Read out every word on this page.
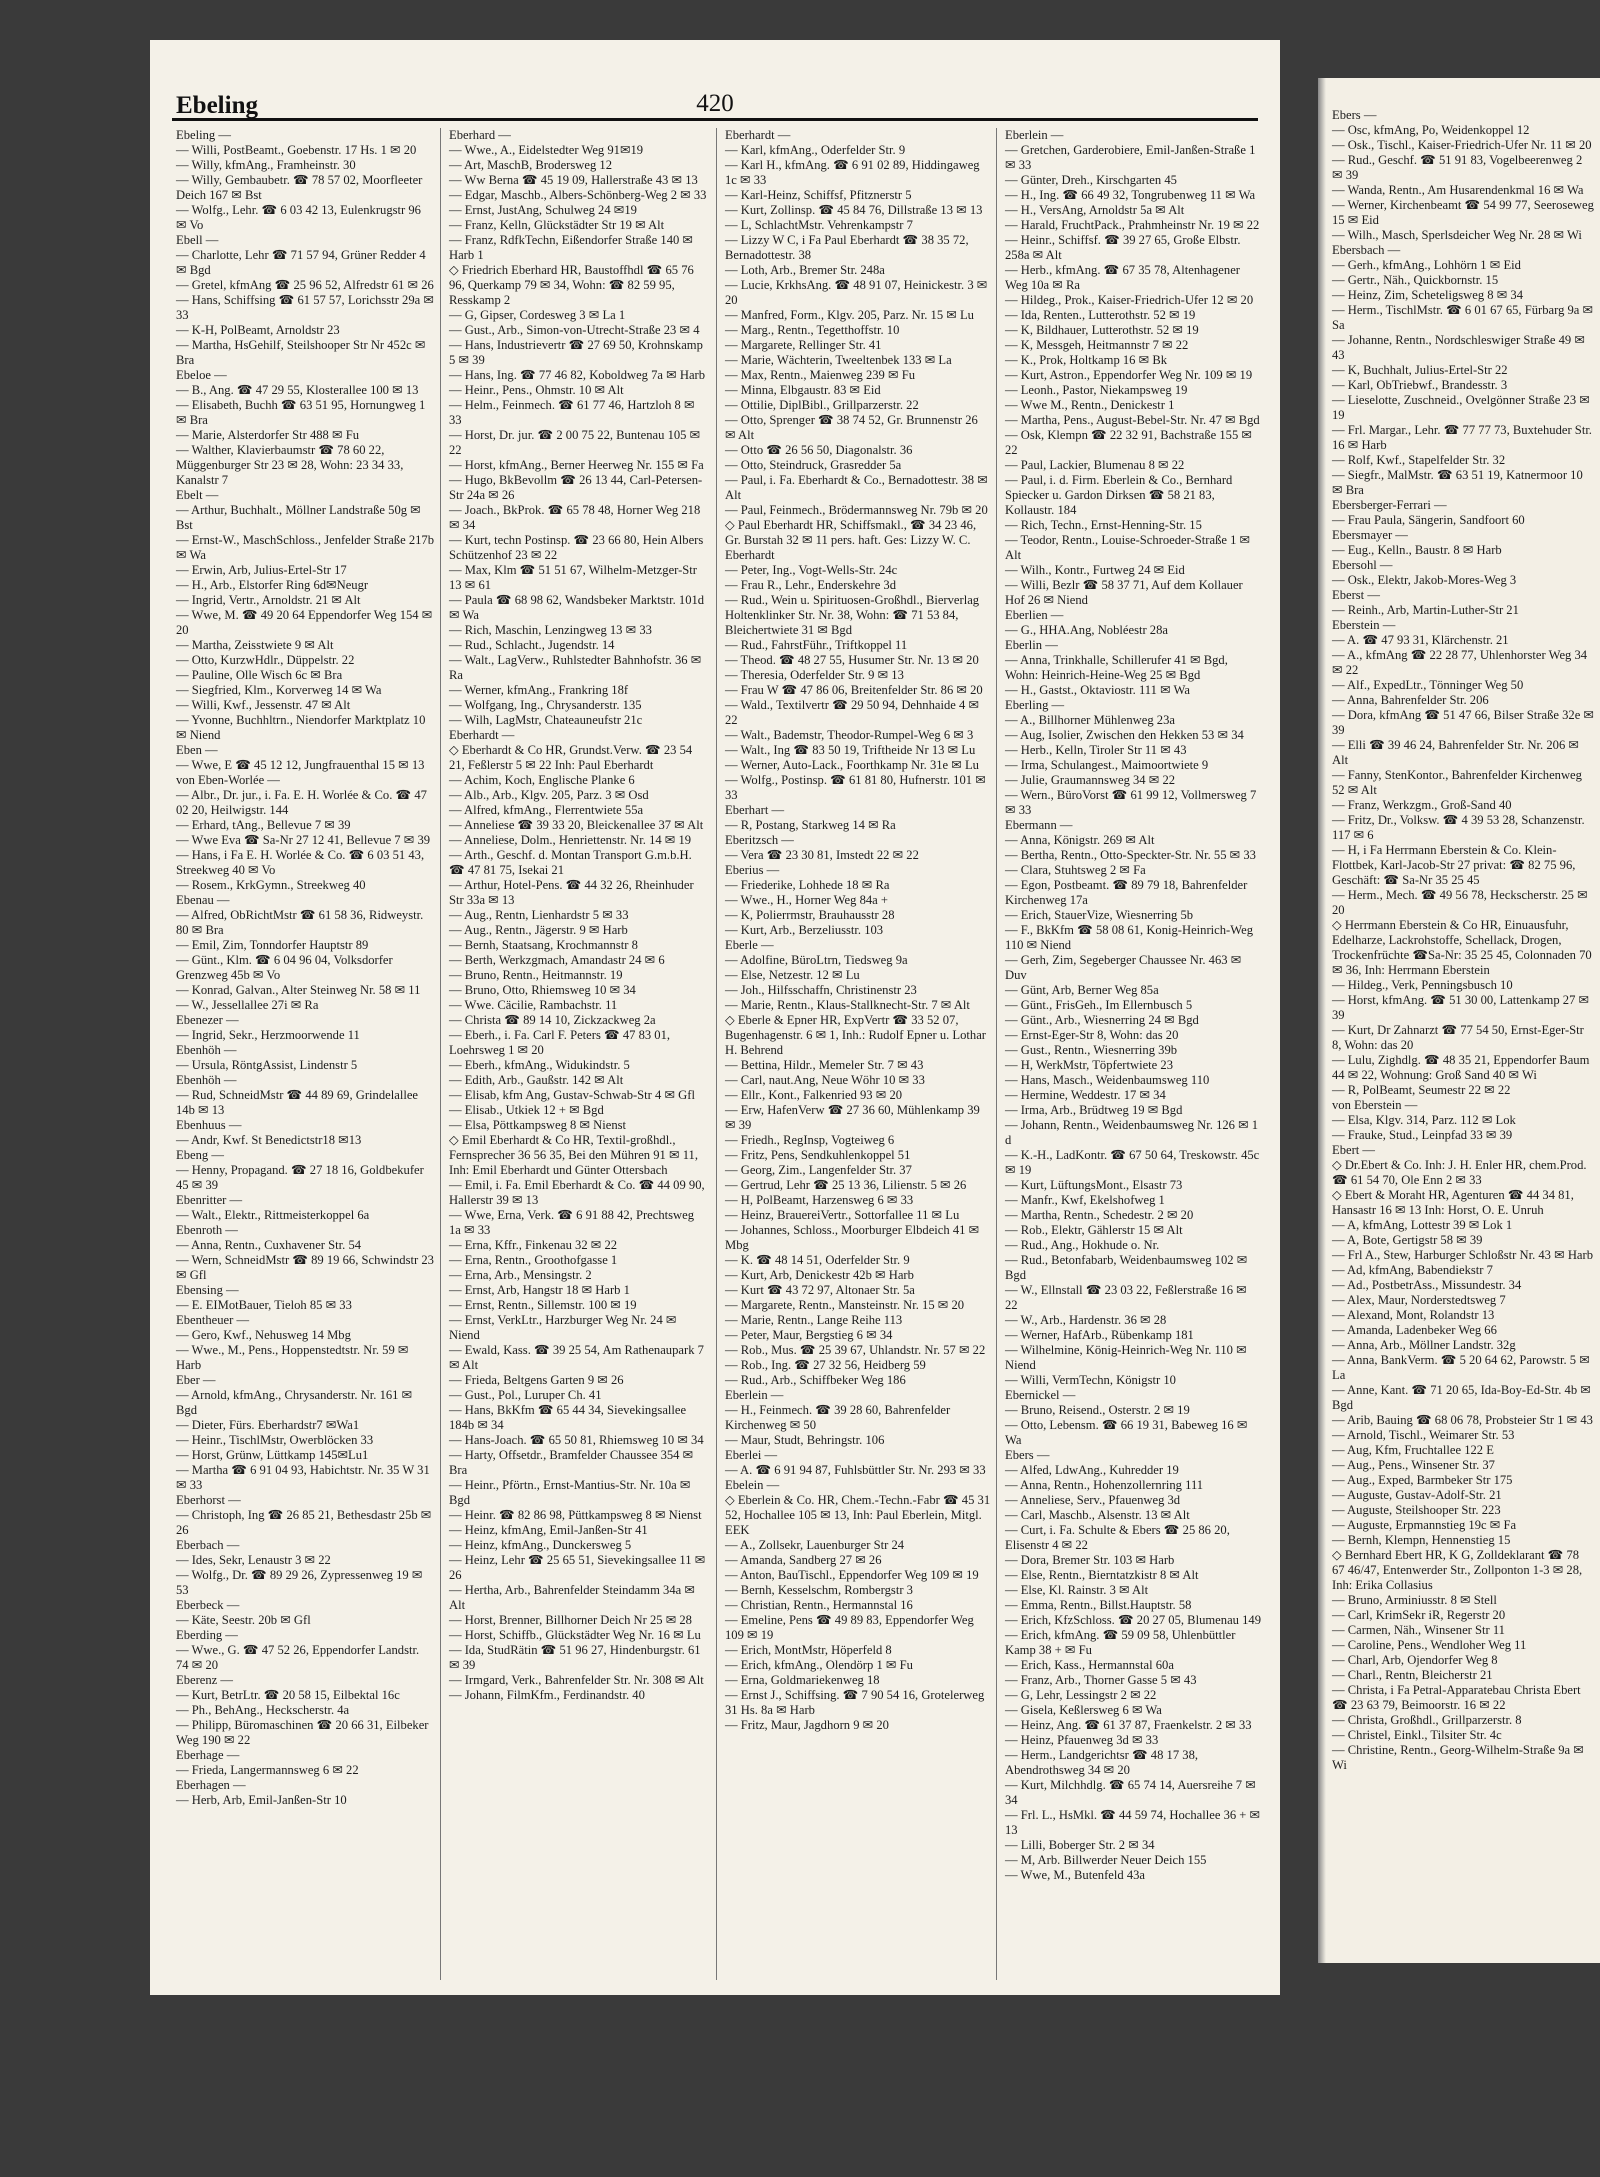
Ebeling	420

Ebeling —
— Willi, PostBeamt., Goebenstr. 17 Hs. 1 ✉ 20
— Willy, kfmAng., Framheinstr. 30
— Willy, Gembaubetr. ☎ 78 57 02, Moorfleeter Deich 167 ✉ Bst
— Wolfg., Lehr. ☎ 6 03 42 13, Eulenkrugstr 96 ✉ Vo
Ebell —
— Charlotte, Lehr ☎ 71 57 94, Grüner Redder 4 ✉ Bgd
— Gretel, kfmAng ☎ 25 96 52, Alfredstr 61 ✉ 26
— Hans, Schiffsing ☎ 61 57 57, Lorichsstr 29a ✉ 33
— K-H, PolBeamt, Arnoldstr 23
— Martha, HsGehilf, Steilshooper Str Nr 452c ✉ Bra
Ebeloe —
— B., Ang. ☎ 47 29 55, Klosterallee 100 ✉ 13
— Elisabeth, Buchh ☎ 63 51 95, Hornungweg 1 ✉ Bra
— Marie, Alsterdorfer Str 488 ✉ Fu
— Walther, Klavierbaumstr ☎ 78 60 22, Müggenburger Str 23 ✉ 28, Wohn: 23 34 33, Kanalstr 7
Ebelt —
— Arthur, Buchhalt., Möllner Landstraße 50g ✉ Bst
— Ernst-W., MaschSchloss., Jenfelder Straße 217b ✉ Wa
— Erwin, Arb, Julius-Ertel-Str 17
— H., Arb., Elstorfer Ring 6d✉Neugr
— Ingrid, Vertr., Arnoldstr. 21 ✉ Alt
— Wwe, M. ☎ 49 20 64 Eppendorfer Weg 154 ✉ 20
— Martha, Zeisstwiete 9 ✉ Alt
— Otto, KurzwHdlr., Düppelstr. 22
— Pauline, Olle Wisch 6c ✉ Bra
— Siegfried, Klm., Korverweg 14 ✉ Wa
— Willi, Kwf., Jessenstr. 47 ✉ Alt
— Yvonne, Buchhltrn., Niendorfer Marktplatz 10 ✉ Niend
Eben —
— Wwe, E ☎ 45 12 12, Jungfrauenthal 15 ✉ 13
von Eben-Worlée —
— Albr., Dr. jur., i. Fa. E. H. Worlée & Co. ☎ 47 02 20, Heilwigstr. 144
— Erhard, tAng., Bellevue 7 ✉ 39
— Wwe Eva ☎ Sa-Nr 27 12 41, Bellevue 7 ✉ 39
— Hans, i Fa E. H. Worlée & Co. ☎ 6 03 51 43, Streekweg 40 ✉ Vo
— Rosem., KrkGymn., Streekweg 40
Ebenau —
— Alfred, ObRichtMstr ☎ 61 58 36, Ridweystr. 80 ✉ Bra
— Emil, Zim, Tonndorfer Hauptstr 89
— Günt., Klm. ☎ 6 04 96 04, Volksdorfer Grenzweg 45b ✉ Vo
— Konrad, Galvan., Alter Steinweg Nr. 58 ✉ 11
— W., Jessellallee 27i ✉ Ra
Ebenezer —
— Ingrid, Sekr., Herzmoorwende 11
Ebenhöh —
— Ursula, RöntgAssist, Lindenstr 5
Ebenhöh —
— Rud, SchneidMstr ☎ 44 89 69, Grindelallee 14b ✉ 13
Ebenhuus —
— Andr, Kwf. St Benedictstr18 ✉13
Ebeng —
— Henny, Propagand. ☎ 27 18 16, Goldbekufer 45 ✉ 39
Ebenritter —
— Walt., Elektr., Rittmeisterkoppel 6a
Ebenroth —
— Anna, Rentn., Cuxhavener Str. 54
— Wern, SchneidMstr ☎ 89 19 66, Schwindstr 23 ✉ Gfl
Ebensing —
— E. EIMotBauer, Tieloh 85 ✉ 33
Ebentheuer —
— Gero, Kwf., Nehusweg 14 Mbg
— Wwe., M., Pens., Hoppenstedtstr. Nr. 59 ✉ Harb
Eber —
— Arnold, kfmAng., Chrysanderstr. Nr. 161 ✉ Bgd
— Dieter, Fürs. Eberhardstr7 ✉Wa1
— Heinr., TischlMstr, Owerblöcken 33
— Horst, Grünw, Lüttkamp 145✉Lu1
— Martha ☎ 6 91 04 93, Habichtstr. Nr. 35 W 31 ✉ 33
Eberhorst —
— Christoph, Ing ☎ 26 85 21, Bethesdastr 25b ✉ 26
Eberbach —
— Ides, Sekr, Lenaustr 3 ✉ 22
— Wolfg., Dr. ☎ 89 29 26, Zypressenweg 19 ✉ 53
Eberbeck —
— Käte, Seestr. 20b ✉ Gfl
Eberding —
— Wwe., G. ☎ 47 52 26, Eppendorfer Landstr. 74 ✉ 20
Eberenz —
— Kurt, BetrLtr. ☎ 20 58 15, Eilbektal 16c
— Ph., BehAng., Heckscherstr. 4a
— Philipp, Büromaschinen ☎ 20 66 31, Eilbeker Weg 190 ✉ 22
Eberhage —
— Frieda, Langermannsweg 6 ✉ 22
Eberhagen —
— Herb, Arb, Emil-Janßen-Str 10

Eberhard —
— Wwe., A., Eidelstedter Weg 91✉19
— Art, MaschB, Brodersweg 12
— Ww Berna ☎ 45 19 09, Hallerstraße 43 ✉ 13
— Edgar, Maschb., Albers-Schönberg-Weg 2 ✉ 33
— Ernst, JustAng, Schulweg 24 ✉19
— Franz, Kelln, Glückstädter Str 19 ✉ Alt
— Franz, RdfkTechn, Eißendorfer Straße 140 ✉ Harb 1
◇ Friedrich Eberhard HR, Baustoffhdl ☎ 65 76 96, Querkamp 79 ✉ 34, Wohn: ☎ 82 59 95, Resskamp 2
— G, Gipser, Cordesweg 3 ✉ La 1
— Gust., Arb., Simon-von-Utrecht-Straße 23 ✉ 4
— Hans, Industrievertr ☎ 27 69 50, Krohnskamp 5 ✉ 39
— Hans, Ing. ☎ 77 46 82, Koboldweg 7a ✉ Harb
— Heinr., Pens., Ohmstr. 10 ✉ Alt
— Helm., Feinmech. ☎ 61 77 46, Hartzloh 8 ✉ 33
— Horst, Dr. jur. ☎ 2 00 75 22, Buntenau 105 ✉ 22
— Horst, kfmAng., Berner Heerweg Nr. 155 ✉ Fa
— Hugo, BkBevollm ☎ 26 13 44, Carl-Petersen-Str 24a ✉ 26
— Joach., BkProk. ☎ 65 78 48, Horner Weg 218 ✉ 34
— Kurt, techn Postinsp. ☎ 23 66 80, Hein Albers Schützenhof 23 ✉ 22
— Max, Klm ☎ 51 51 67, Wilhelm-Metzger-Str 13 ✉ 61
— Paula ☎ 68 98 62, Wandsbeker Marktstr. 101d ✉ Wa
— Rich, Maschin, Lenzingweg 13 ✉ 33
— Rud., Schlacht., Jugendstr. 14
— Walt., LagVerw., Ruhlstedter Bahnhofstr. 36 ✉ Ra
— Werner, kfmAng., Frankring 18f
— Wolfgang, Ing., Chrysanderstr. 135
— Wilh, LagMstr, Chateauneufstr 21c
Eberhardt —
◇ Eberhardt & Co HR, Grundst.Verw. ☎ 23 54 21, Feßlerstr 5 ✉ 22 Inh: Paul Eberhardt
— Achim, Koch, Englische Planke 6
— Alb., Arb., Klgv. 205, Parz. 3 ✉ Osd
— Alfred, kfmAng., Flerrentwiete 55a
— Anneliese ☎ 39 33 20, Bleickenallee 37 ✉ Alt
— Anneliese, Dolm., Henriettenstr. Nr. 14 ✉ 19
— Arth., Geschf. d. Montan Transport G.m.b.H. ☎ 47 81 75, Isekai 21
— Arthur, Hotel-Pens. ☎ 44 32 26, Rheinhuder Str 33a ✉ 13
— Aug., Rentn, Lienhardstr 5 ✉ 33
— Aug., Rentn., Jägerstr. 9 ✉ Harb
— Bernh, Staatsang, Krochmannstr 8
— Berth, Werkzgmach, Amandastr 24 ✉ 6
— Bruno, Rentn., Heitmannstr. 19
— Bruno, Otto, Rhiemsweg 10 ✉ 34
— Wwe. Cäcilie, Rambachstr. 11
— Christa ☎ 89 14 10, Zickzackweg 2a
— Eberh., i. Fa. Carl F. Peters ☎ 47 83 01, Loehrsweg 1 ✉ 20
— Eberh., kfmAng., Widukindstr. 5
— Edith, Arb., Gaußstr. 142 ✉ Alt
— Elisab, kfm Ang, Gustav-Schwab-Str 4 ✉ Gfl
— Elisab., Utkiek 12 + ✉ Bgd
— Elsa, Pöttkampsweg 8 ✉ Nienst
◇ Emil Eberhardt & Co HR, Textil-großhdl., Fernsprecher 36 56 35, Bei den Mühren 91 ✉ 11, Inh: Emil Eberhardt und Günter Ottersbach
— Emil, i. Fa. Emil Eberhardt & Co. ☎ 44 09 90, Hallerstr 39 ✉ 13
— Wwe, Erna, Verk. ☎ 6 91 88 42, Prechtsweg 1a ✉ 33
— Erna, Kffr., Finkenau 32 ✉ 22
— Erna, Rentn., Groothofgasse 1
— Erna, Arb., Mensingstr. 2
— Ernst, Arb, Hangstr 18 ✉ Harb 1
— Ernst, Rentn., Sillemstr. 100 ✉ 19
— Ernst, VerkLtr., Harzburger Weg Nr. 24 ✉ Niend
— Ewald, Kass. ☎ 39 25 54, Am Rathenaupark 7 ✉ Alt
— Frieda, Beltgens Garten 9 ✉ 26
— Gust., Pol., Luruper Ch. 41
— Hans, BkKfm ☎ 65 44 34, Sievekingsallee 184b ✉ 34
— Hans-Joach. ☎ 65 50 81, Rhiemsweg 10 ✉ 34
— Harty, Offsetdr., Bramfelder Chaussee 354 ✉ Bra
— Heinr., Pförtn., Ernst-Mantius-Str. Nr. 10a ✉ Bgd
— Heinr. ☎ 82 86 98, Püttkampsweg 8 ✉ Nienst
— Heinz, kfmAng, Emil-Janßen-Str 41
— Heinz, kfmAng., Dunckersweg 5
— Heinz, Lehr ☎ 25 65 51, Sievekingsallee 11 ✉ 26
— Hertha, Arb., Bahrenfelder Steindamm 34a ✉ Alt
— Horst, Brenner, Billhorner Deich Nr 25 ✉ 28
— Horst, Schiffb., Glückstädter Weg Nr. 16 ✉ Lu
— Ida, StudRätin ☎ 51 96 27, Hindenburgstr. 61 ✉ 39
— Irmgard, Verk., Bahrenfelder Str. Nr. 308 ✉ Alt
— Johann, FilmKfm., Ferdinandstr. 40

Eberhardt —
— Karl, kfmAng., Oderfelder Str. 9
— Karl H., kfmAng. ☎ 6 91 02 89, Hiddingaweg 1c ✉ 33
— Karl-Heinz, Schiffsf, Pfitznerstr 5
— Kurt, Zollinsp. ☎ 45 84 76, Dillstraße 13 ✉ 13
— L, SchlachtMstr. Vehrenkampstr 7
— Lizzy W C, i Fa Paul Eberhardt ☎ 38 35 72, Bernadottestr. 38
— Loth, Arb., Bremer Str. 248a
— Lucie, KrkhsAng. ☎ 48 91 07, Heinickestr. 3 ✉ 20
— Manfred, Form., Klgv. 205, Parz. Nr. 15 ✉ Lu
— Marg., Rentn., Tegetthoffstr. 10
— Margarete, Rellinger Str. 41
— Marie, Wächterin, Tweeltenbek 133 ✉ La
— Max, Rentn., Maienweg 239 ✉ Fu
— Minna, Elbgaustr. 83 ✉ Eid
— Ottilie, DiplBibl., Grillparzerstr. 22
— Otto, Sprenger ☎ 38 74 52, Gr. Brunnenstr 26 ✉ Alt
— Otto ☎ 26 56 50, Diagonalstr. 36
— Otto, Steindruck, Grasredder 5a
— Paul, i. Fa. Eberhardt & Co., Bernadottestr. 38 ✉ Alt
— Paul, Feinmech., Brödermannsweg Nr. 79b ✉ 20
◇ Paul Eberhardt HR, Schiffsmakl., ☎ 34 23 46, Gr. Burstah 32 ✉ 11 pers. haft. Ges: Lizzy W. C. Eberhardt
— Peter, Ing., Vogt-Wells-Str. 24c
— Frau R., Lehr., Enderskehre 3d
— Rud., Wein u. Spirituosen-Großhdl., Bierverlag Holtenklinker Str. Nr. 38, Wohn: ☎ 71 53 84, Bleichertwiete 31 ✉ Bgd
— Rud., FahrstFühr., Triftkoppel 11
— Theod. ☎ 48 27 55, Husumer Str. Nr. 13 ✉ 20
— Theresia, Oderfelder Str. 9 ✉ 13
— Frau W ☎ 47 86 06, Breitenfelder Str. 86 ✉ 20
— Wald., Textilvertr ☎ 29 50 94, Dehnhaide 4 ✉ 22
— Walt., Bademstr, Theodor-Rumpel-Weg 6 ✉ 3
— Walt., Ing ☎ 83 50 19, Triftheide Nr 13 ✉ Lu
— Werner, Auto-Lack., Foorthkamp Nr. 31e ✉ Lu
— Wolfg., Postinsp. ☎ 61 81 80, Hufnerstr. 101 ✉ 33
Eberhart —
— R, Postang, Starkweg 14 ✉ Ra
Eberitzsch —
— Vera ☎ 23 30 81, Imstedt 22 ✉ 22
Eberius —
— Friederike, Lohhede 18 ✉ Ra
— Wwe., H., Horner Weg 84a +
— K, Polierrmstr, Brauhausstr 28
— Kurt, Arb., Berzeliusstr. 103
Eberle —
— Adolfine, BüroLtrn, Tiedsweg 9a
— Else, Netzestr. 12 ✉ Lu
— Joh., Hilfsschaffn, Christinenstr 23
— Marie, Rentn., Klaus-Stallknecht-Str. 7 ✉ Alt
◇ Eberle & Epner HR, ExpVertr ☎ 33 52 07, Bugenhagenstr. 6 ✉ 1, Inh.: Rudolf Epner u. Lothar H. Behrend
— Bettina, Hildr., Memeler Str. 7 ✉ 43
— Carl, naut.Ang, Neue Wöhr 10 ✉ 33
— Ellr., Kont., Falkenried 93 ✉ 20
— Erw, HafenVerw ☎ 27 36 60, Mühlenkamp 39 ✉ 39
— Friedh., RegInsp, Vogteiweg 6
— Fritz, Pens, Sendkuhlenkoppel 51
— Georg, Zim., Langenfelder Str. 37
— Gertrud, Lehr ☎ 25 13 36, Lilienstr. 5 ✉ 26
— H, PolBeamt, Harzensweg 6 ✉ 33
— Heinz, BrauereiVertr., Sottorfallee 11 ✉ Lu
— Johannes, Schloss., Moorburger Elbdeich 41 ✉ Mbg
— K. ☎ 48 14 51, Oderfelder Str. 9
— Kurt, Arb, Denickestr 42b ✉ Harb
— Kurt ☎ 43 72 97, Altonaer Str. 5a
— Margarete, Rentn., Mansteinstr. Nr. 15 ✉ 20
— Marie, Rentn., Lange Reihe 113
— Peter, Maur, Bergstieg 6 ✉ 34
— Rob., Mus. ☎ 25 39 67, Uhlandstr. Nr. 57 ✉ 22
— Rob., Ing. ☎ 27 32 56, Heidberg 59
— Rud., Arb., Schiffbeker Weg 186
Eberlein —
— H., Feinmech. ☎ 39 28 60, Bahrenfelder Kirchenweg ✉ 50
— Maur, Studt, Behringstr. 106
Eberlei —
— A. ☎ 6 91 94 87, Fuhlsbüttler Str. Nr. 293 ✉ 33
Ebelein —
◇ Eberlein & Co. HR, Chem.-Techn.-Fabr ☎ 45 31 52, Hochallee 105 ✉ 13, Inh: Paul Eberlein, Mitgl. EEK
— A., Zollsekr, Lauenburger Str 24
— Amanda, Sandberg 27 ✉ 26
— Anton, BauTischl., Eppendorfer Weg 109 ✉ 19
— Bernh, Kesselschm, Rombergstr 3
— Christian, Rentn., Hermannstal 16
— Emeline, Pens ☎ 49 89 83, Eppendorfer Weg 109 ✉ 19
— Erich, MontMstr, Höperfeld 8
— Erich, kfmAng., Olendörp 1 ✉ Fu
— Erna, Goldmariekenweg 18
— Ernst J., Schiffsing. ☎ 7 90 54 16, Grotelerweg 31 Hs. 8a ✉ Harb
— Fritz, Maur, Jagdhorn 9 ✉ 20

Eberlein —
— Gretchen, Garderobiere, Emil-Janßen-Straße 1 ✉ 33
— Günter, Dreh., Kirschgarten 45
— H., Ing. ☎ 66 49 32, Tongrubenweg 11 ✉ Wa
— H., VersAng, Arnoldstr 5a ✉ Alt
— Harald, FruchtPack., Prahmheinstr Nr. 19 ✉ 22
— Heinr., Schiffsf. ☎ 39 27 65, Große Elbstr. 258a ✉ Alt
— Herb., kfmAng. ☎ 67 35 78, Altenhagener Weg 10a ✉ Ra
— Hildeg., Prok., Kaiser-Friedrich-Ufer 12 ✉ 20
— Ida, Renten., Lutterothstr. 52 ✉ 19
— K, Bildhauer, Lutterothstr. 52 ✉ 19
— K, Messgeh, Heitmannstr 7 ✉ 22
— K., Prok, Holtkamp 16 ✉ Bk
— Kurt, Astron., Eppendorfer Weg Nr. 109 ✉ 19
— Leonh., Pastor, Niekampsweg 19
— Wwe M., Rentn., Denickestr 1
— Martha, Pens., August-Bebel-Str. Nr. 47 ✉ Bgd
— Osk, Klempn ☎ 22 32 91, Bachstraße 155 ✉ 22
— Paul, Lackier, Blumenau 8 ✉ 22
— Paul, i. d. Firm. Eberlein & Co., Bernhard Spiecker u. Gardon Dirksen ☎ 58 21 83, Kollaustr. 184
— Rich, Techn., Ernst-Henning-Str. 15
— Teodor, Rentn., Louise-Schroeder-Straße 1 ✉ Alt
— Wilh., Kontr., Furtweg 24 ✉ Eid
— Willi, Bezlr ☎ 58 37 71, Auf dem Kollauer Hof 26 ✉ Niend
Eberlien —
— G., HHA.Ang, Nobléestr 28a
Eberlin —
— Anna, Trinkhalle, Schillerufer 41 ✉ Bgd, Wohn: Heinrich-Heine-Weg 25 ✉ Bgd
— H., Gastst., Oktaviostr. 111 ✉ Wa
Eberling —
— A., Billhorner Mühlenweg 23a
— Aug, Isolier, Zwischen den Hekken 53 ✉ 34
— Herb., Kelln, Tiroler Str 11 ✉ 43
— Irma, Schulangest., Maimoortwiete 9
— Julie, Graumannsweg 34 ✉ 22
— Wern., BüroVorst ☎ 61 99 12, Vollmersweg 7 ✉ 33
Ebermann —
— Anna, Königstr. 269 ✉ Alt
— Bertha, Rentn., Otto-Speckter-Str. Nr. 55 ✉ 33
— Clara, Stuhtsweg 2 ✉ Fa
— Egon, Postbeamt. ☎ 89 79 18, Bahrenfelder Kirchenweg 17a
— Erich, StauerVize, Wiesnerring 5b
— F., BkKfm ☎ 58 08 61, Konig-Heinrich-Weg 110 ✉ Niend
— Gerh, Zim, Segeberger Chaussee Nr. 463 ✉ Duv
— Günt, Arb, Berner Weg 85a
— Günt., FrisGeh., Im Ellernbusch 5
— Günt., Arb., Wiesnerring 24 ✉ Bgd
— Ernst-Eger-Str 8, Wohn: das 20
— Gust., Rentn., Wiesnerring 39b
— H, WerkMstr, Töpfertwiete 23
— Hans, Masch., Weidenbaumsweg 110
— Hermine, Weddestr. 17 ✉ 34
— Irma, Arb., Brüdtweg 19 ✉ Bgd
— Johann, Rentn., Weidenbaumsweg Nr. 126 ✉ 1 d
— K.-H., LadKontr. ☎ 67 50 64, Treskowstr. 45c ✉ 19
— Kurt, LüftungsMont., Elsastr 73
— Manfr., Kwf, Ekelshofweg 1
— Martha, Rentn., Schedestr. 2 ✉ 20
— Rob., Elektr, Gählerstr 15 ✉ Alt
— Rud., Ang., Hokhude o. Nr.
— Rud., Betonfabarb, Weidenbaumsweg 102 ✉ Bgd
— W., Ellnstall ☎ 23 03 22, Feßlerstraße 16 ✉ 22
— W., Arb., Hardenstr. 36 ✉ 28
— Werner, HafArb., Rübenkamp 181
— Wilhelmine, König-Heinrich-Weg Nr. 110 ✉ Niend
— Willi, VermTechn, Königstr 10
Ebernickel —
— Bruno, Reisend., Osterstr. 2 ✉ 19
— Otto, Lebensm. ☎ 66 19 31, Babeweg 16 ✉ Wa
Ebers —
— Alfed, LdwAng., Kuhredder 19
— Anna, Rentn., Hohenzollernring 111
— Anneliese, Serv., Pfauenweg 3d
— Carl, Maschb., Alsenstr. 13 ✉ Alt
— Curt, i. Fa. Schulte & Ebers ☎ 25 86 20, Elisenstr 4 ✉ 22
— Dora, Bremer Str. 103 ✉ Harb
— Else, Rentn., Bierntatzkistr 8 ✉ Alt
— Else, Kl. Rainstr. 3 ✉ Alt
— Emma, Rentn., Billst.Hauptstr. 58
— Erich, KfzSchloss. ☎ 20 27 05, Blumenau 149
— Erich, kfmAng. ☎ 59 09 58, Uhlenbüttler Kamp 38 + ✉ Fu
— Erich, Kass., Hermannstal 60a
— Franz, Arb., Thorner Gasse 5 ✉ 43
— G, Lehr, Lessingstr 2 ✉ 22
— Gisela, Keßlersweg 6 ✉ Wa
— Heinz, Ang. ☎ 61 37 87, Fraenkelstr. 2 ✉ 33
— Heinz, Pfauenweg 3d ✉ 33
— Herm., Landgerichtsr ☎ 48 17 38, Abendrothsweg 34 ✉ 20
— Kurt, Milchhdlg. ☎ 65 74 14, Auersreihe 7 ✉ 34
— Frl. L., HsMkl. ☎ 44 59 74, Hochallee 36 + ✉ 13
— Lilli, Boberger Str. 2 ✉ 34
— M, Arb. Billwerder Neuer Deich 155
— Wwe, M., Butenfeld 43a

Ebers —
— Osc, kfmAng, Po, Weidenkoppel 12
— Osk., Tischl., Kaiser-Friedrich-Ufer Nr. 11 ✉ 20
— Rud., Geschf. ☎ 51 91 83, Vogelbeerenweg 2 ✉ 39
— Wanda, Rentn., Am Husarendenkmal 16 ✉ Wa
— Werner, Kirchenbeamt ☎ 54 99 77, Seeroseweg 15 ✉ Eid
— Wilh., Masch, Sperlsdeicher Weg Nr. 28 ✉ Wi
Ebersbach —
— Gerh., kfmAng., Lohhörn 1 ✉ Eid
— Gertr., Näh., Quickbornstr. 15
— Heinz, Zim, Scheteligsweg 8 ✉ 34
— Herm., TischlMstr. ☎ 6 01 67 65, Fürbarg 9a ✉ Sa
— Johanne, Rentn., Nordschleswiger Straße 49 ✉ 43
— K, Buchhalt, Julius-Ertel-Str 22
— Karl, ObTriebwf., Brandesstr. 3
— Lieselotte, Zuschneid., Ovelgönner Straße 23 ✉ 19
— Frl. Margar., Lehr. ☎ 77 77 73, Buxtehuder Str. 16 ✉ Harb
— Rolf, Kwf., Stapelfelder Str. 32
— Siegfr., MalMstr. ☎ 63 51 19, Katnermoor 10 ✉ Bra
Ebersberger-Ferrari —
— Frau Paula, Sängerin, Sandfoort 60
Ebersmayer —
— Eug., Kelln., Baustr. 8 ✉ Harb
Ebersohl —
— Osk., Elektr, Jakob-Mores-Weg 3
Eberst —
— Reinh., Arb, Martin-Luther-Str 21
Eberstein —
— A. ☎ 47 93 31, Klärchenstr. 21
— A., kfmAng ☎ 22 28 77, Uhlenhorster Weg 34 ✉ 22
— Alf., ExpedLtr., Tönninger Weg 50
— Anna, Bahrenfelder Str. 206
— Dora, kfmAng ☎ 51 47 66, Bilser Straße 32e ✉ 39
— Elli ☎ 39 46 24, Bahrenfelder Str. Nr. 206 ✉ Alt
— Fanny, StenKontor., Bahrenfelder Kirchenweg 52 ✉ Alt
— Franz, Werkzgm., Groß-Sand 40
— Fritz, Dr., Volksw. ☎ 4 39 53 28, Schanzenstr. 117 ✉ 6
— H, i Fa Herrmann Eberstein & Co. Klein-Flottbek, Karl-Jacob-Str 27 privat: ☎ 82 75 96, Geschäft: ☎ Sa-Nr 35 25 45
— Herm., Mech. ☎ 49 56 78, Heckscherstr. 25 ✉ 20
◇ Herrmann Eberstein & Co HR, Einuausfuhr, Edelharze, Lackrohstoffe, Schellack, Drogen, Trockenfrüchte ☎Sa-Nr: 35 25 45, Colonnaden 70 ✉ 36, Inh: Herrmann Eberstein
— Hildeg., Verk, Penningsbusch 10
— Horst, kfmAng. ☎ 51 30 00, Lattenkamp 27 ✉ 39
— Kurt, Dr Zahnarzt ☎ 77 54 50, Ernst-Eger-Str 8, Wohn: das 20
— Lulu, Zighdlg. ☎ 48 35 21, Eppendorfer Baum 44 ✉ 22, Wohnung: Groß Sand 40 ✉ Wi
— R, PolBeamt, Seumestr 22 ✉ 22
von Eberstein —
— Elsa, Klgv. 314, Parz. 112 ✉ Lok
— Frauke, Stud., Leinpfad 33 ✉ 39
Ebert —
◇ Dr.Ebert & Co. Inh: J. H. Enler HR, chem.Prod. ☎ 61 54 70, Ole Enn 2 ✉ 33
◇ Ebert & Moraht HR, Agenturen ☎ 44 34 81, Hansastr 16 ✉ 13 Inh: Horst, O. E. Unruh
— A, kfmAng, Lottestr 39 ✉ Lok 1
— A, Bote, Gertigstr 58 ✉ 39
— Frl A., Stew, Harburger Schloßstr Nr. 43 ✉ Harb
— Ad, kfmAng, Babendiekstr 7
— Ad., PostbetrAss., Missundestr. 34
— Alex, Maur, Norderstedtsweg 7
— Alexand, Mont, Rolandstr 13
— Amanda, Ladenbeker Weg 66
— Anna, Arb., Möllner Landstr. 32g
— Anna, BankVerm. ☎ 5 20 64 62, Parowstr. 5 ✉ La
— Anne, Kant. ☎ 71 20 65, Ida-Boy-Ed-Str. 4b ✉ Bgd
— Arib, Bauing ☎ 68 06 78, Probsteier Str 1 ✉ 43
— Arnold, Tischl., Weimarer Str. 53
— Aug, Kfm, Fruchtallee 122 E
— Aug., Pens., Winsener Str. 37
— Aug., Exped, Barmbeker Str 175
— Auguste, Gustav-Adolf-Str. 21
— Auguste, Steilshooper Str. 223
— Auguste, Erpmannstieg 19c ✉ Fa
— Bernh, Klempn, Hennenstieg 15
◇ Bernhard Ebert HR, K G, Zolldeklarant ☎ 78 67 46/47, Entenwerder Str., Zollponton 1-3 ✉ 28, Inh: Erika Collasius
— Bruno, Arminiusstr. 8 ✉ Stell
— Carl, KrimSekr iR, Regerstr 20
— Carmen, Näh., Winsener Str 11
— Caroline, Pens., Wendloher Weg 11
— Charl, Arb, Ojendorfer Weg 8
— Charl., Rentn, Bleicherstr 21
— Christa, i Fa Petral-Apparatebau Christa Ebert ☎ 23 63 79, Beimoorstr. 16 ✉ 22
— Christa, Großhdl., Grillparzerstr. 8
— Christel, Einkl., Tilsiter Str. 4c
— Christine, Rentn., Georg-Wilhelm-Straße 9a ✉ Wi
